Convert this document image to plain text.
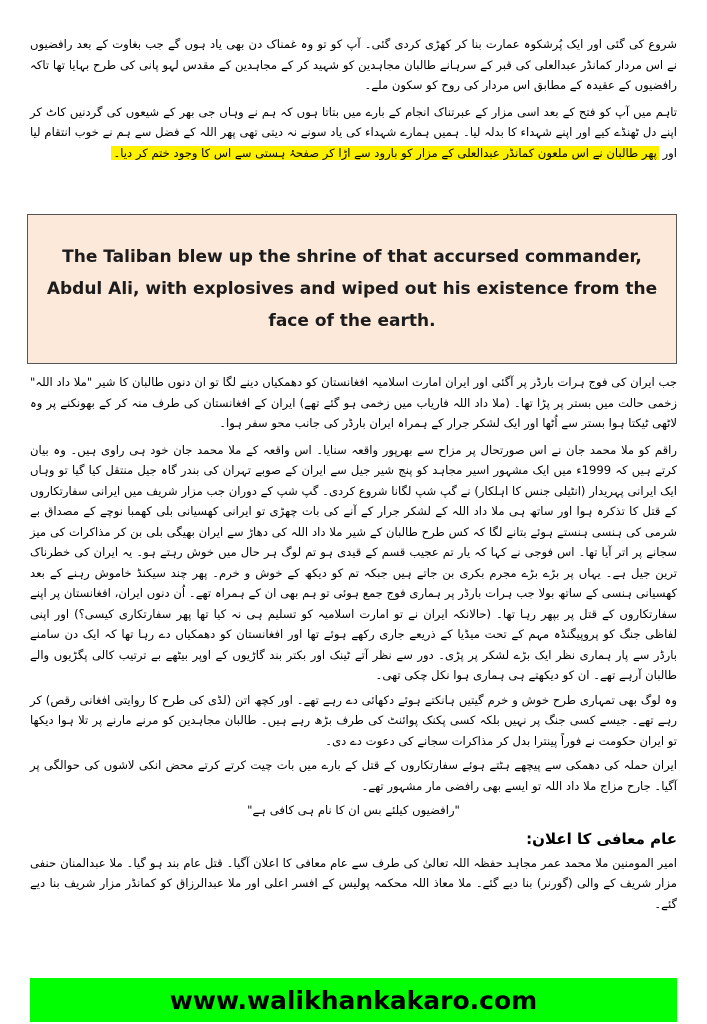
شروع کی گئی اور ایک پُرشکوہ عمارت بنا کر کھڑی کردی گئی۔ آپ کو تو وہ غمناک دن بھی یاد ہوں گے جب بغاوت کے بعد رافضیوں نے اس مردار کمانڈر عبدالعلی کی قبر کے سرہانے طالبان مجاہدین کو شہید کر کے مجاہدین کے مقدس لہو پانی کی طرح بہایا تھا تاکہ رافضیوں کے عقیدہ کے مطابق اس مردار کی روح کو سکون ملے۔

تاہم میں آپ کو فتح کے بعد اسی مزار کے عبرتناک انجام کے بارے میں بتاتا ہوں کہ ہم نے وہاں جی بھر کے شیعوں کی گردنیں کاٹ کر اپنے دل ٹھنڈے کیے اور اپنے شہداء کا بدلہ لیا۔ ہمیں ہمارے شہداء کی یاد سونے نہ دیتی تھی پھر اللہ کے فضل سے ہم نے خوب انتقام لیا اور پھر طالبان نے اس ملعون کمانڈر عبدالعلی کے مزار کو بارود سے اڑا کر صفحۂ ہستی سے اس کا وجود ختم کر دیا۔

The Taliban blew up the shrine of that accursed commander, Abdul Ali, with explosives and wiped out his existence from the face of the earth.

جب ایران کی فوج ہرات بارڈر پر آگئی اور ایران امارت اسلامیہ افغانستان کو دھمکیاں دینے لگا تو ان دنوں طالبان کا شیر "ملا داد اللہ" زخمی حالت میں بستر پر پڑا تھا۔ (ملا داد اللہ فاریاب میں زخمی ہو گئے تھے) ایران کے افغانستان کی طرف منہ کر کے بھونکنے پر وہ لاٹھی ٹیکتا ہوا بستر سے اُٹھا اور ایک لشکر جرار کے ہمراہ ایران بارڈر کی جانب محو سفر ہوا۔

راقم کو ملا محمد جان نے اس صورتحال پر مزاح سے بھرپور واقعہ سنایا۔ اس واقعہ کے ملا محمد جان خود ہی راوی ہیں۔ وہ بیان کرتے ہیں کہ 1999ء میں ایک مشہور اسیر مجاہد کو پنج شیر جیل سے ایران کے صوبے تہران کی بندر گاہ جیل منتقل کیا گیا تو وہاں ایک ایرانی پہریدار (انٹیلی جنس کا اہلکار) نے گپ شپ لگانا شروع کردی۔ گپ شپ کے دوران جب مزار شریف میں ایرانی سفارتکاروں کے قتل کا تذکرہ ہوا اور ساتھ ہی ملا داد اللہ کے لشکر جرار کے آنے کی بات چھڑی تو ایرانی کھسیانی بلی کھمبا نوچے کے مصداق بے شرمی کی ہنسی ہنستے ہوئے بتانے لگا کہ کس طرح طالبان کے شیر ملا داد اللہ کی دھاڑ سے ایران بھیگی بلی بن کر مذاکرات کی میز سجانے پر اتر آیا تھا۔ اس فوجی نے کہا کہ یار تم عجیب قسم کے قیدی ہو تم لوگ ہر حال میں خوش رہتے ہو۔ یہ ایران کی خطرناک ترین جیل ہے۔ یہاں پر بڑے بڑے مجرم بکری بن جاتے ہیں جبکہ تم کو دیکھ کے خوش و خرم۔ پھر چند سیکنڈ خاموش رہنے کے بعد کھسیانی ہنسی کے ساتھ بولا جب ہرات بارڈر پر ہماری فوج جمع ہوئی تو ہم بھی ان کے ہمراہ تھے۔ اُن دنوں ایران، افغانستان پر اپنے سفارتکاروں کے قتل پر بپھر رہا تھا۔ (حالانکہ ایران نے تو امارت اسلامیہ کو تسلیم ہی نہ کیا تھا پھر سفارتکاری کیسی؟) اور اپنی لفاظی جنگ کو پروپیگنڈہ مہم کے تحت میڈیا کے ذریعے جاری رکھے ہوئے تھا اور افغانستان کو دھمکیاں دے رہا تھا کہ ایک دن سامنے بارڈر سے پار ہماری نظر ایک بڑے لشکر پر پڑی۔ دور سے نظر آتے ٹینک اور بکتر بند گاڑیوں کے اوپر بیٹھے بے ترتیب کالی پگڑیوں والے طالبان آرہے تھے۔ ان کو دیکھتے ہی ہماری ہوا نکل چکی تھی۔

وہ لوگ بھی تمہاری طرح خوش و خرم گیتیں ہانکتے ہوئے دکھائی دے رہے تھے۔ اور کچھ اتن (لڈی کی طرح کا روایتی افغانی رقص) کر رہے تھے۔ جیسے کسی جنگ پر نہیں بلکہ کسی پکنک پوائنٹ کی طرف بڑھ رہے ہیں۔ طالبان مجاہدین کو مرنے مارنے پر تلا ہوا دیکھا تو ایران حکومت نے فوراً پینترا بدل کر مذاکرات سجانے کی دعوت دے دی۔

ایران حملہ کی دھمکی سے پیچھے ہٹتے ہوئے سفارتکاروں کے قتل کے بارے میں بات چیت کرتے کرتے محض انکی لاشوں کی حوالگی پر آگیا۔ جارح مزاج ملا داد اللہ تو ایسے بھی رافضی مار مشہور تھے۔

"رافضیوں کیلئے بس ان کا نام ہی کافی ہے"

عام معافی کا اعلان:

امیر المومنین ملا محمد عمر مجاہد حفظہ اللہ تعالیٰ کی طرف سے عام معافی کا اعلان آگیا۔ قتل عام بند ہو گیا۔ ملا عبدالمنان حنفی مزار شریف کے والی (گورنر) بنا دیے گئے۔ ملا معاذ اللہ محکمہ پولیس کے افسر اعلی اور ملا عبدالرزاق کو کمانڈر مزار شریف بنا دیے گئے۔

www.walikhankakaro.com
